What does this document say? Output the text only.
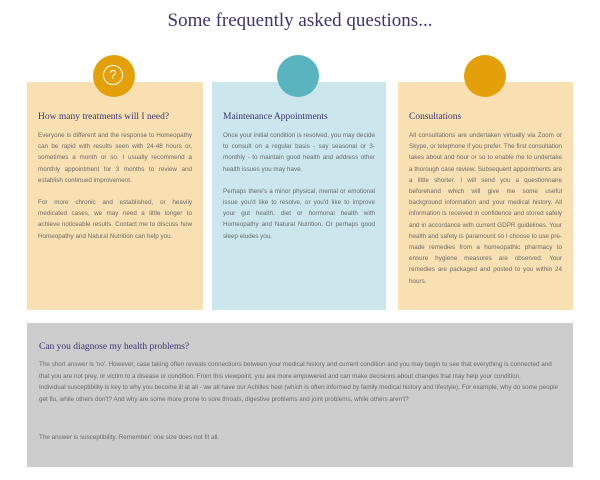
Some frequently asked questions...

How many treatments will I need?

Everyone is different and the response to Homeopathy can be rapid with results seen with 24-48 hours or, sometimes a month or so. I usually recommend a monthly appointment for 3 months to review and establish continued improvement.

For more chronic and established, or heavily medicated cases, we may need a little longer to achieve noticeable results. Contact me to discuss how Homeopathy and Natural Nutrition can help you.

Maintenance Appointments

Once your initial condition is resolved, you may decide to consult on a regular basis - say seasonal or 3-monthly - to maintain good health and address other health issues you may have.

Perhaps there's a minor physical, mental or emotional issue you'd like to resolve, or you'd like to improve your gut health, diet or hormonal health with Homeopathy and Natural Nutrition. Or perhaps good sleep eludes you.

Consultations

All consultations are undertaken virtually via Zoom or Skype, or telephone if you prefer. The first consultation takes about and hour or so to enable me to undertake a thorough case review. Subsequent appointments are a little shorter. I will send you a questionnaire beforehand which will give me some useful background information and your medical history. All information is received in confidence and stored safely and in accordance with current GDPR guidelines. Your health and safety is paramount so I choose to use pre-made remedies from a homeopathic pharmacy to ensure hygiene measures are observed. Your remedies are packaged and posted to you within 24 hours.

?

Can you diagnose my health problems?

The short answer is 'no'. However, case taking often reveals connections between your medical history and current condition and you may begin to see that everything is connected and that you are not prey, or victim to a disease or condition. From this viewpoint, you are more empowered and can make decisions about changes that may help your condition.

Individual susceptibility is key to why you become ill at all - we all have our Achilles heel (which is often informed by family medical history and lifestyle). For example, why do some people get flu, while others don't? And why are some more prone to sore throats, digestive problems and joint problems, while others aren't?

The answer is susceptibility. Remember: one size does not fit all.
